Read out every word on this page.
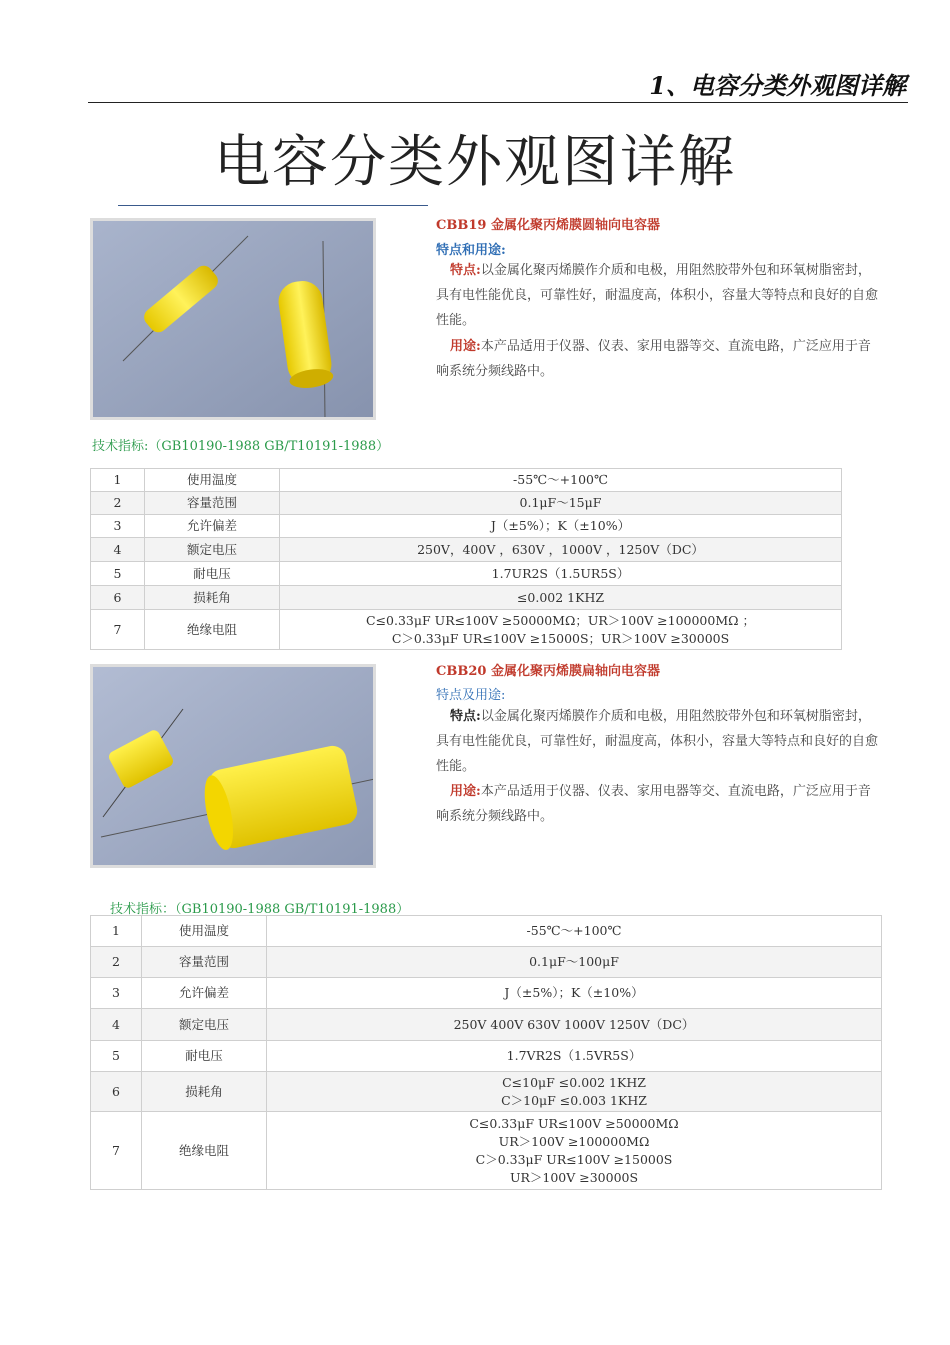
1、电容分类外观图详解
电容分类外观图详解
CBB19 金属化聚丙烯膜圆轴向电容器
特点和用途:
特点:以金属化聚丙烯膜作介质和电极，用阻然胶带外包和环氧树脂密封，具有电性能优良，可靠性好，耐温度高，体积小，容量大等特点和良好的自愈性能。
用途:本产品适用于仪器、仪表、家用电器等交、直流电路，广泛应用于音响系统分频线路中。
技术指标:（GB10190-1988 GB/T10191-1988）
1	使用温度	-55℃～+100℃
2	容量范围	0.1μF～15μF
3	允许偏差	J（±5%）；K（±10%）
4	额定电压	250V，400V ，630V ，1000V ，1250V（DC）
5	耐电压	1.7UR2S（1.5UR5S）
6	损耗角	≤0.002 1KHZ
7	绝缘电阻	C≤0.33μF UR≤100V ≥50000MΩ；UR＞100V ≥100000MΩ ；
C＞0.33μF UR≤100V ≥15000S；UR＞100V ≥30000S
CBB20 金属化聚丙烯膜扁轴向电容器
特点及用途:
特点:以金属化聚丙烯膜作介质和电极，用阻然胶带外包和环氧树脂密封，具有电性能优良，可靠性好，耐温度高，体积小，容量大等特点和良好的自愈性能。
用途:本产品适用于仪器、仪表、家用电器等交、直流电路，广泛应用于音响系统分频线路中。
技术指标：（GB10190-1988 GB/T10191-1988）
1	使用温度	-55℃～+100℃
2	容量范围	0.1μF～100μF
3	允许偏差	J（±5%）；K（±10%）
4	额定电压	250V 400V 630V 1000V 1250V（DC）
5	耐电压	1.7VR2S（1.5VR5S）
6	损耗角	C≤10μF ≤0.002 1KHZ
C＞10μF ≤0.003 1KHZ

7	绝缘电阻	C≤0.33μF UR≤100V ≥50000MΩ
UR＞100V ≥100000MΩ
C＞0.33μF UR≤100V ≥15000S
UR＞100V ≥30000S
